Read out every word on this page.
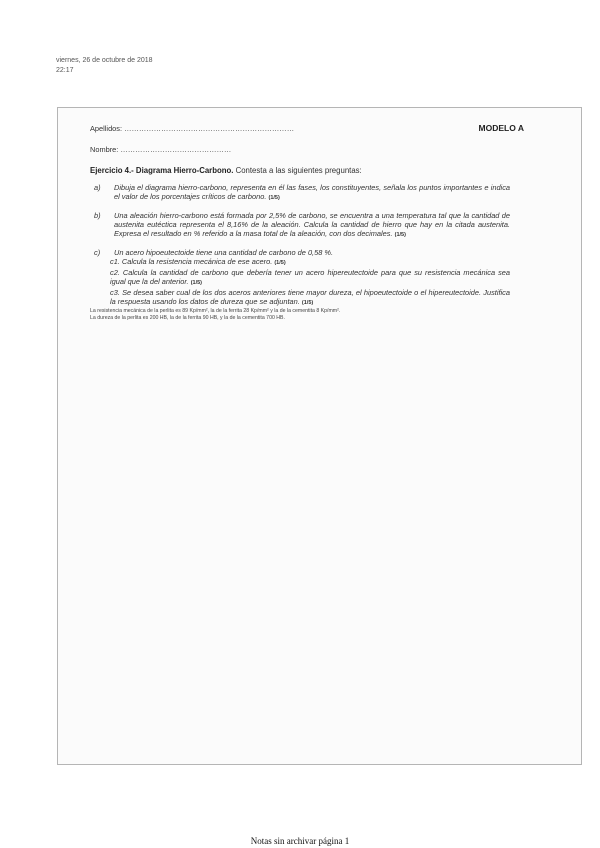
viernes, 26 de octubre de 2018
22:17
Apellidos: ……………………………………………………………	MODELO A
Nombre: ………………………………………
Ejercicio 4.- Diagrama Hierro-Carbono. Contesta a las siguientes preguntas:
a)	Dibuja el diagrama hierro-carbono, representa en él las fases, los constituyentes, señala los puntos importantes e indica el valor de los porcentajes críticos de carbono. (1/5)
b)	Una aleación hierro-carbono está formada por 2,5% de carbono, se encuentra a una temperatura tal que la cantidad de austenita eutéctica representa el 8,16% de la aleación. Calcula la cantidad de hierro que hay en la citada austenita. Expresa el resultado en % referido a la masa total de la aleación, con dos decimales. (1/5)
c)	Un acero hipoeutectoide tiene una cantidad de carbono de 0,58 %.
c1. Calcula la resistencia mecánica de ese acero. (1/5)
c2. Calcula la cantidad de carbono que debería tener un acero hipereutectoide para que su resistencia mecánica sea igual que la del anterior. (1/5)
c3. Se desea saber cual de los dos aceros anteriores tiene mayor dureza, el hipoeutectoide o el hipereutectoide. Justifica la respuesta usando los datos de dureza que se adjuntan. (1/5)
La resistencia mecánica de la perlita es 89 Kp/mm², la de la ferrita 28 Kp/mm² y la de la cementita 8 Kp/mm².
La dureza de la perlita es 200 HB, la de la ferrita 90 HB, y la de la cementita 700 HB.
Notas sin archivar página 1
